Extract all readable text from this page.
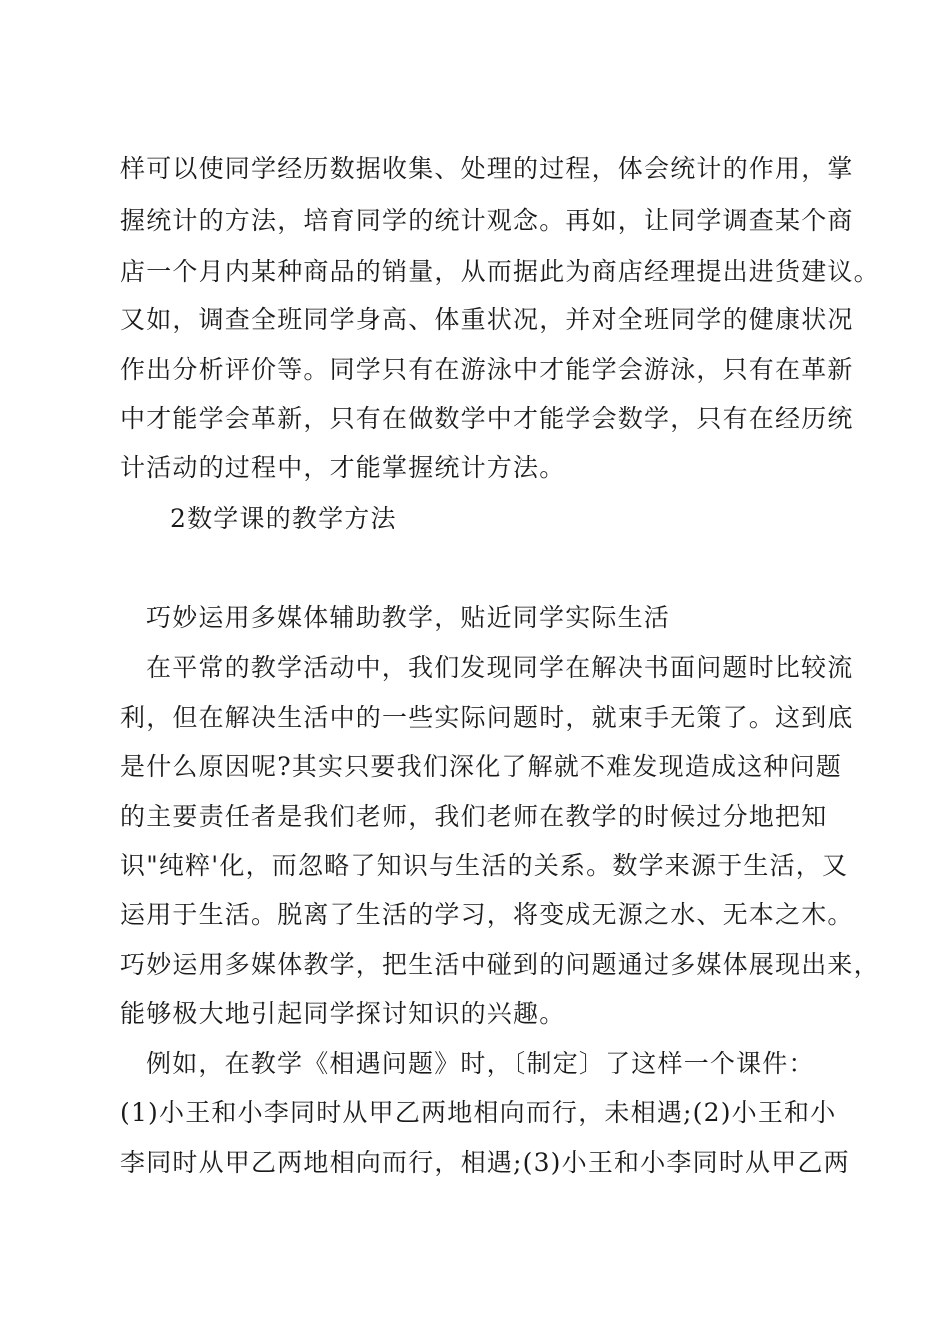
样可以使同学经历数据收集、处理的过程，体会统计的作用，掌
握统计的方法，培育同学的统计观念。再如，让同学调查某个商
店一个月内某种商品的销量，从而据此为商店经理提出进货建议。
又如，调查全班同学身高、体重状况，并对全班同学的健康状况
作出分析评价等。同学只有在游泳中才能学会游泳，只有在革新
中才能学会革新，只有在做数学中才能学会数学，只有在经历统
计活动的过程中，才能掌握统计方法。
2数学课的教学方法
巧妙运用多媒体辅助教学，贴近同学实际生活
在平常的教学活动中，我们发现同学在解决书面问题时比较流
利，但在解决生活中的一些实际问题时，就束手无策了。这到底
是什么原因呢?其实只要我们深化了解就不难发现造成这种问题
的主要责任者是我们老师，我们老师在教学的时候过分地把知
识"纯粹'化，而忽略了知识与生活的关系。数学来源于生活，又
运用于生活。脱离了生活的学习，将变成无源之水、无本之木。
巧妙运用多媒体教学，把生活中碰到的问题通过多媒体展现出来，
能够极大地引起同学探讨知识的兴趣。
例如，在教学《相遇问题》时，〔制定〕了这样一个课件：
(1)小王和小李同时从甲乙两地相向而行，未相遇;(2)小王和小
李同时从甲乙两地相向而行，相遇;(3)小王和小李同时从甲乙两
